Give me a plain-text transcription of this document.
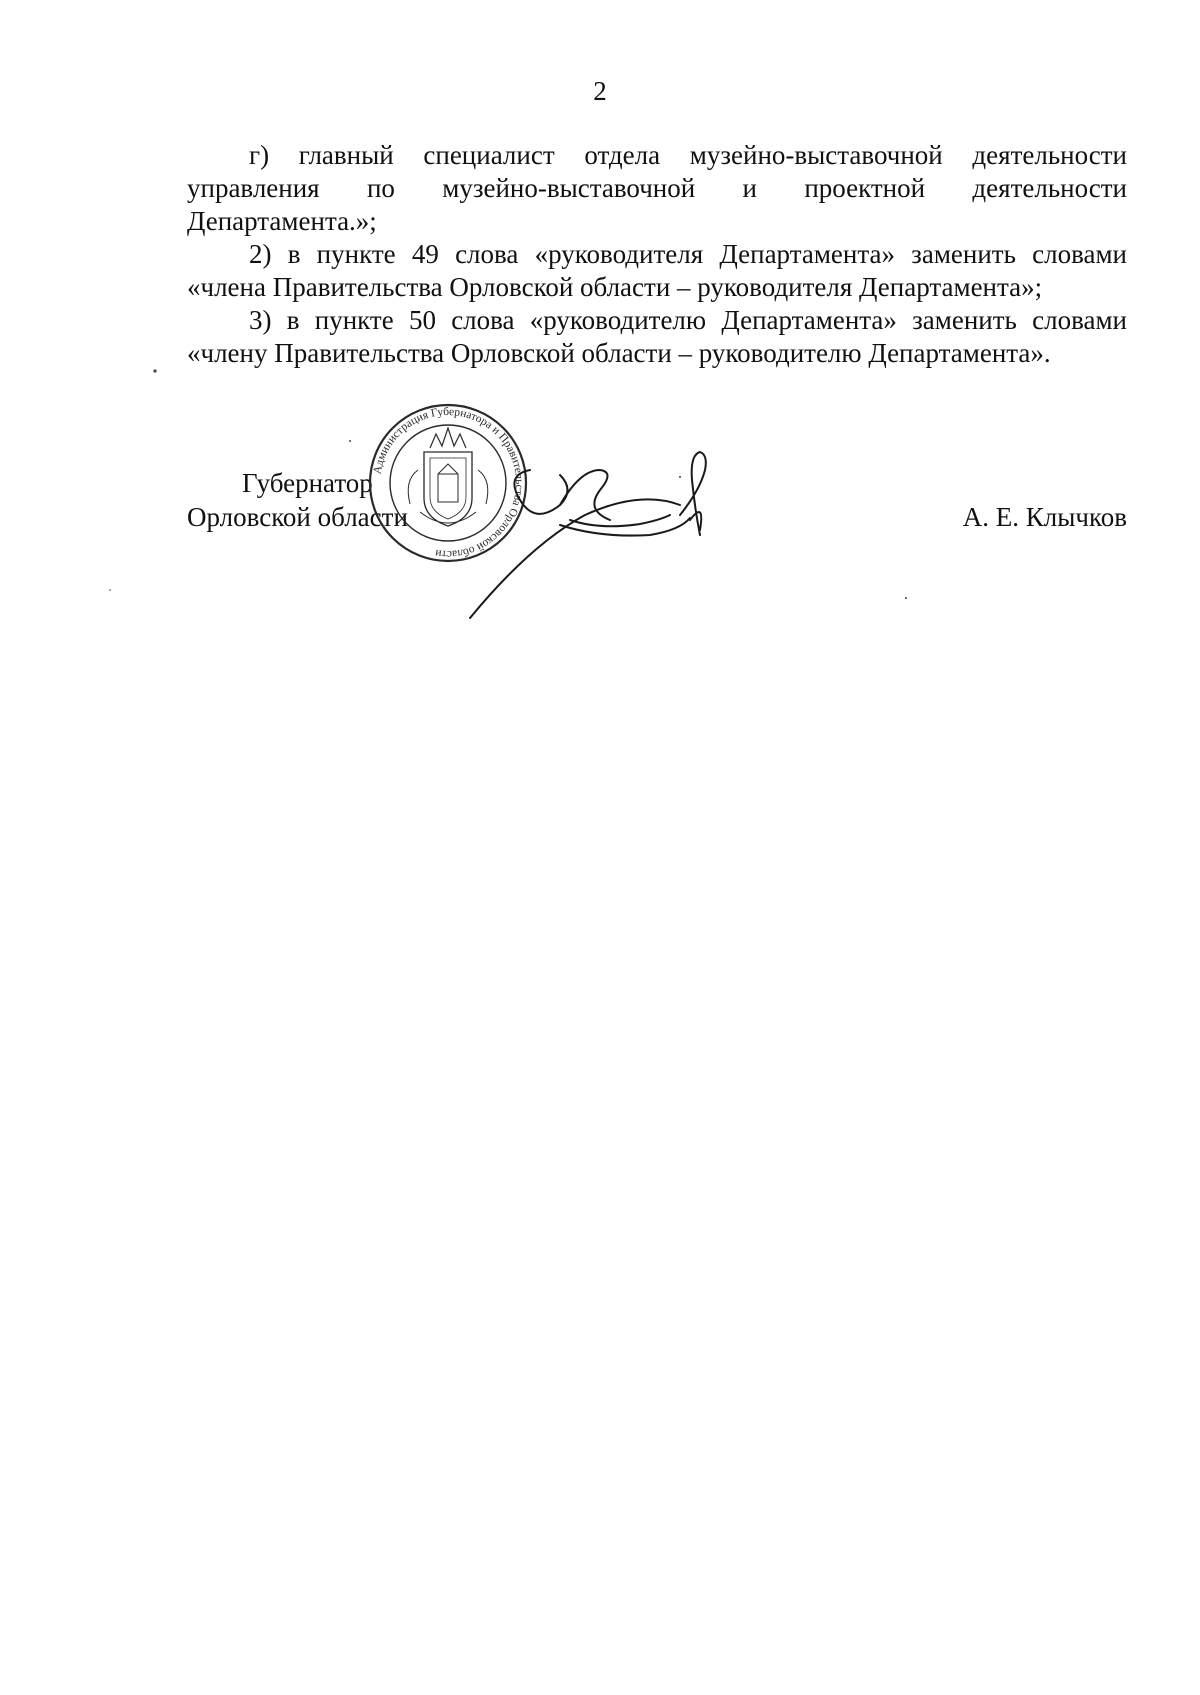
2
г) главный специалист отдела музейно-выставочной деятельности
управления по музейно-выставочной и проектной деятельности
Департамента.»;
2) в пункте 49 слова «руководителя Департамента» заменить словами
«члена Правительства Орловской области – руководителя Департамента»;
3) в пункте 50 слова «руководителю Департамента» заменить словами
«члену Правительства Орловской области – руководителю Департамента».
Губернатор
Орловской области	А. Е. Клычков
Администрация Губернатора и Правительства Орловской области
